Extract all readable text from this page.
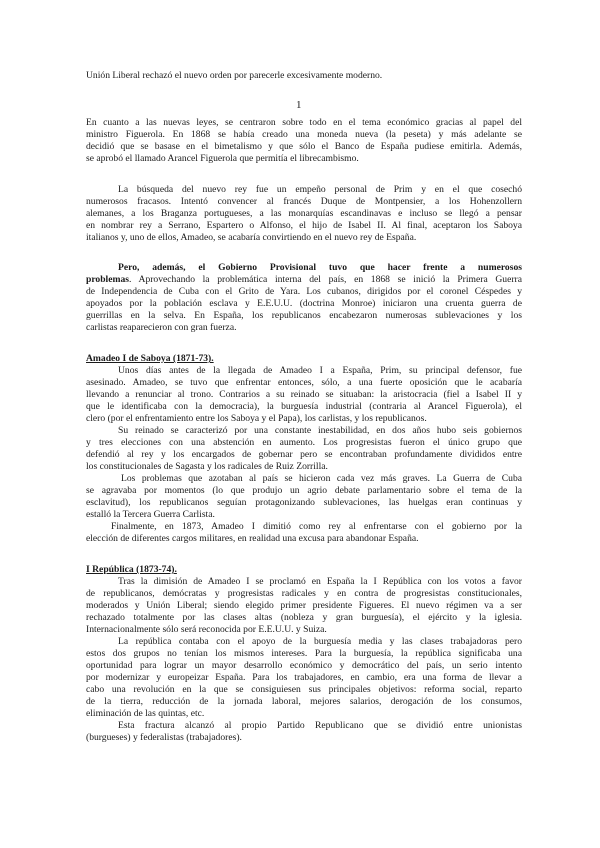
Unión Liberal rechazó el nuevo orden por parecerle excesivamente moderno.
1
En cuanto a las nuevas leyes, se centraron sobre todo en el tema económico gracias al papel del
ministro Figuerola. En 1868 se había creado una moneda nueva (la peseta) y más adelante se
decidió que se basase en el bimetalismo y que sólo el Banco de España pudiese emitirla. Además,
se aprobó el llamado Arancel Figuerola que permitía el librecambismo.
La búsqueda del nuevo rey fue un empeño personal de Prim y en el que cosechó
numerosos fracasos. Intentó convencer al francés Duque de Montpensier, a los Hohenzollern
alemanes, a los Braganza portugueses, a las monarquías escandinavas e incluso se llegó a pensar
en nombrar rey a Serrano, Espartero o Alfonso, el hijo de Isabel II. Al final, aceptaron los Saboya
italianos y, uno de ellos, Amadeo, se acabaría convirtiendo en el nuevo rey de España.
Pero, además, el Gobierno Provisional tuvo que hacer frente a numerosos
problemas. Aprovechando la problemática interna del país, en 1868 se inició la Primera Guerra
de Independencia de Cuba con el Grito de Yara. Los cubanos, dirigidos por el coronel Céspedes y
apoyados por la población esclava y E.E.U.U. (doctrina Monroe) iniciaron una cruenta guerra de
guerrillas en la selva. En España, los republicanos encabezaron numerosas sublevaciones y los
carlistas reaparecieron con gran fuerza.
Amadeo I de Saboya (1871-73).
Unos días antes de la llegada de Amadeo I a España, Prim, su principal defensor, fue
asesinado. Amadeo, se tuvo que enfrentar entonces, sólo, a una fuerte oposición que le acabaría
llevando a renunciar al trono. Contrarios a su reinado se situaban: la aristocracia (fiel a Isabel II y
que le identificaba con la democracia), la burguesía industrial (contraria al Arancel Figuerola), el
clero (por el enfrentamiento entre los Saboya y el Papa), los carlistas, y los republicanos.
Su reinado se caracterizó por una constante inestabilidad, en dos años hubo seis gobiernos
y tres elecciones con una abstención en aumento. Los progresistas fueron el único grupo que
defendió al rey y los encargados de gobernar pero se encontraban profundamente divididos entre
los constitucionales de Sagasta y los radicales de Ruiz Zorrilla.
Los problemas que azotaban al país se hicieron cada vez más graves. La Guerra de Cuba
se agravaba por momentos (lo que produjo un agrio debate parlamentario sobre el tema de la
esclavitud), los republicanos seguían protagonizando sublevaciones, las huelgas eran continuas y
estalló la Tercera Guerra Carlista.
Finalmente, en 1873, Amadeo I dimitió como rey al enfrentarse con el gobierno por la
elección de diferentes cargos militares, en realidad una excusa para abandonar España.
I República (1873-74).
Tras la dimisión de Amadeo I se proclamó en España la I República con los votos a favor
de republicanos, demócratas y progresistas radicales y en contra de progresistas constitucionales,
moderados y Unión Liberal; siendo elegido primer presidente Figueres. El nuevo régimen va a ser
rechazado totalmente por las clases altas (nobleza y gran burguesía), el ejército y la iglesia.
Internacionalmente sólo será reconocida por E.E.U.U. y Suiza.
La república contaba con el apoyo de la burguesía media y las clases trabajadoras pero
estos dos grupos no tenían los mismos intereses. Para la burguesía, la república significaba una
oportunidad para lograr un mayor desarrollo económico y democrático del país, un serio intento
por modernizar y europeizar España. Para los trabajadores, en cambio, era una forma de llevar a
cabo una revolución en la que se consiguiesen sus principales objetivos: reforma social, reparto
de la tierra, reducción de la jornada laboral, mejores salarios, derogación de los consumos,
eliminación de las quintas, etc.
Esta fractura alcanzó al propio Partido Republicano que se dividió entre unionistas
(burgueses) y federalistas (trabajadores).
